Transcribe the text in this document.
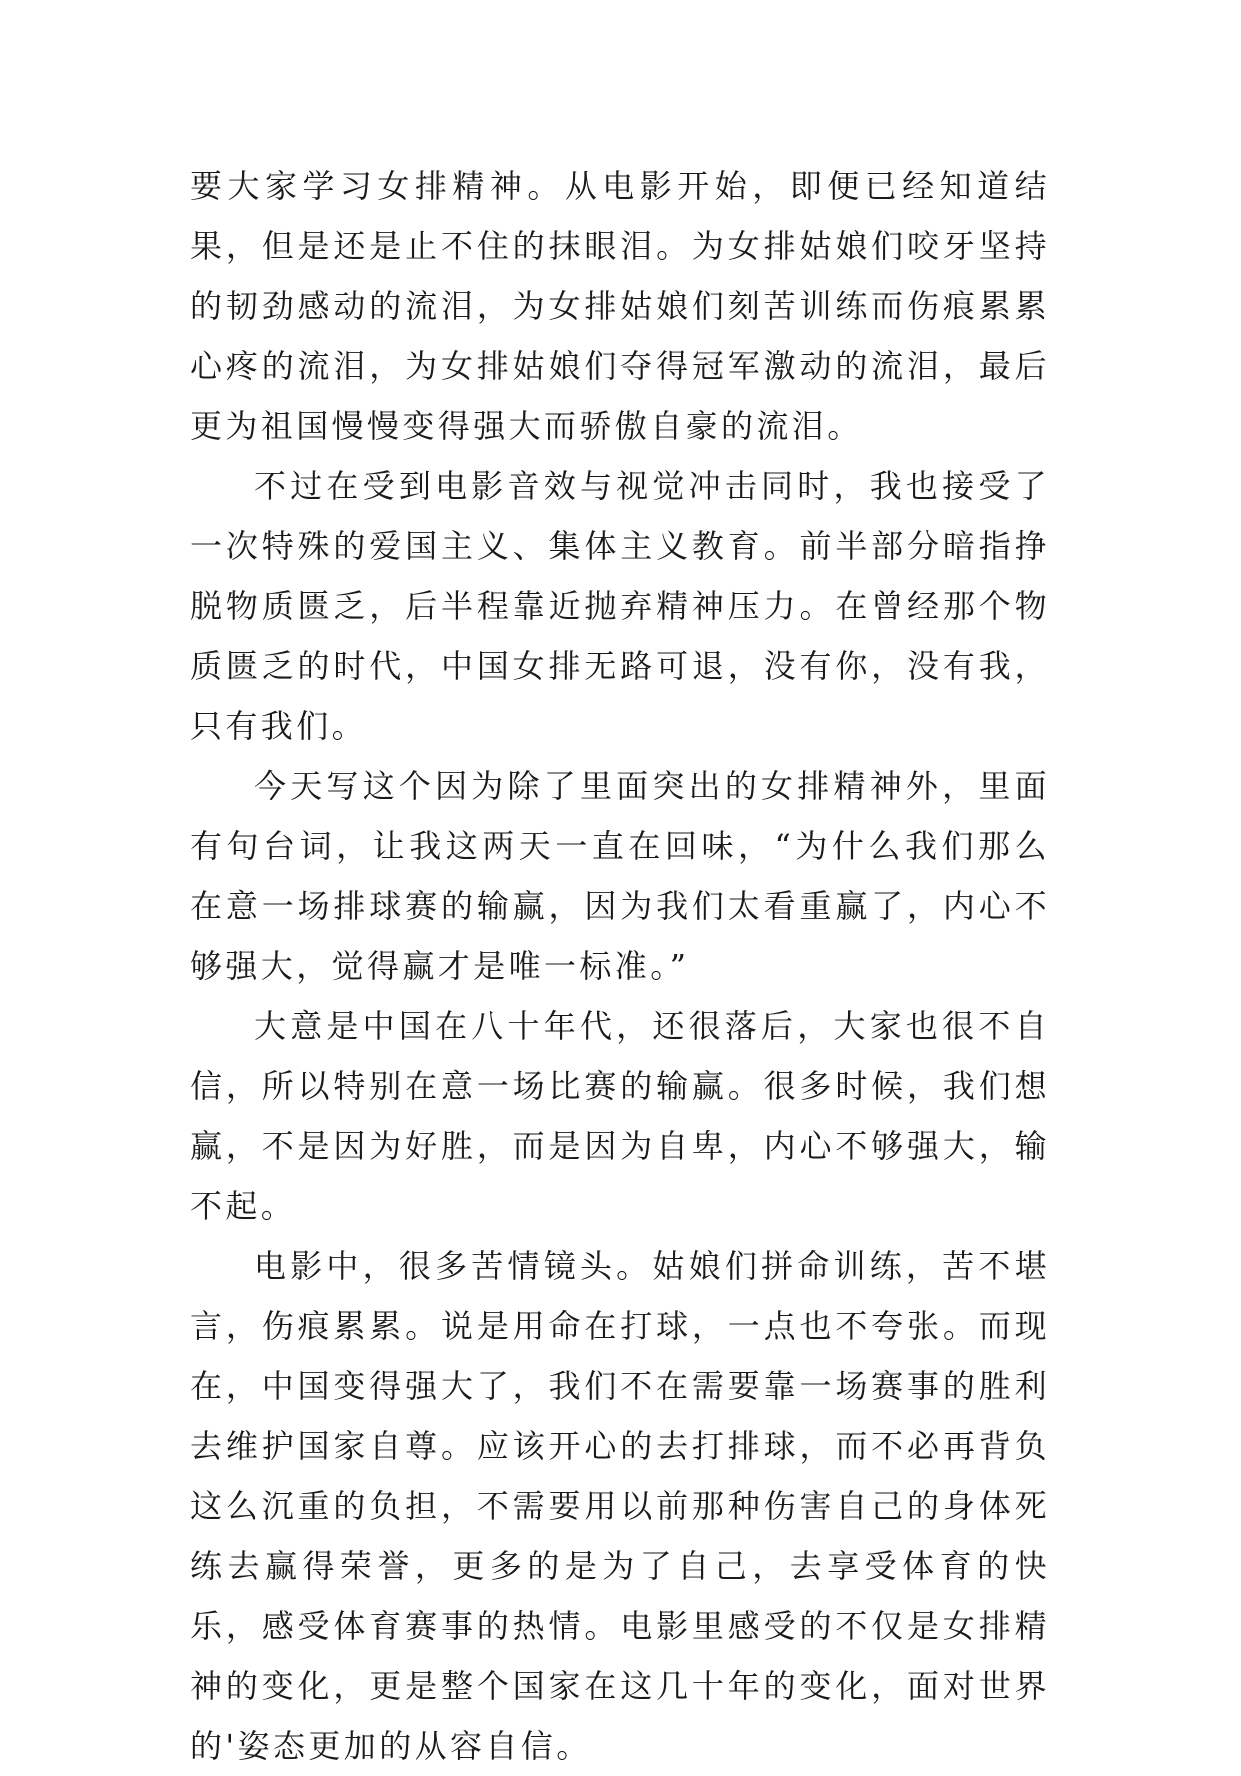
要大家学习女排精神。从电影开始，即便已经知道结果，但是还是止不住的抹眼泪。为女排姑娘们咬牙坚持的韧劲感动的流泪，为女排姑娘们刻苦训练而伤痕累累心疼的流泪，为女排姑娘们夺得冠军激动的流泪，最后更为祖国慢慢变得强大而骄傲自豪的流泪。

不过在受到电影音效与视觉冲击同时，我也接受了一次特殊的爱国主义、集体主义教育。前半部分暗指挣脱物质匮乏，后半程靠近抛弃精神压力。在曾经那个物质匮乏的时代，中国女排无路可退，没有你，没有我，只有我们。

今天写这个因为除了里面突出的女排精神外，里面有句台词，让我这两天一直在回味，“为什么我们那么在意一场排球赛的输赢，因为我们太看重赢了，内心不够强大，觉得赢才是唯一标准。”

大意是中国在八十年代，还很落后，大家也很不自信，所以特别在意一场比赛的输赢。很多时候，我们想赢，不是因为好胜，而是因为自卑，内心不够强大，输不起。

电影中，很多苦情镜头。姑娘们拼命训练，苦不堪言，伤痕累累。说是用命在打球，一点也不夸张。而现在，中国变得强大了，我们不在需要靠一场赛事的胜利去维护国家自尊。应该开心的去打排球，而不必再背负这么沉重的负担，不需要用以前那种伤害自己的身体死练去赢得荣誉，更多的是为了自己，去享受体育的快乐，感受体育赛事的热情。电影里感受的不仅是女排精神的变化，更是整个国家在这几十年的变化，面对世界的'姿态更加的从容自信。
